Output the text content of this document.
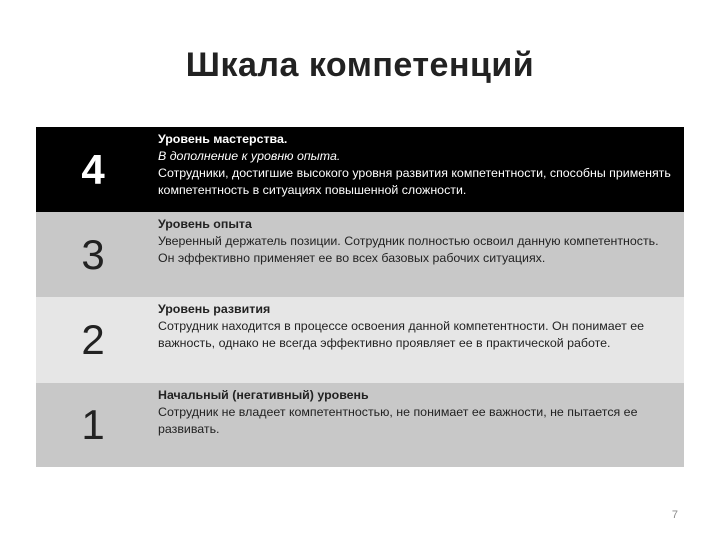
Шкала компетенций
4
Уровень мастерства.
В дополнение к уровню опыта.
Сотрудники, достигшие высокого уровня развития компетентности, способны применять компетентность в ситуациях повышенной сложности.
3
Уровень опыта
Уверенный держатель позиции. Сотрудник полностью освоил данную компетентность. Он эффективно применяет ее во всех базовых рабочих ситуациях.
2
Уровень развития
Сотрудник находится в процессе освоения данной компетентности. Он понимает ее важность, однако не всегда эффективно проявляет ее в практической работе.
1
Начальный (негативный) уровень
Сотрудник не владеет компетентностью, не понимает ее важности, не пытается ее развивать.
7
